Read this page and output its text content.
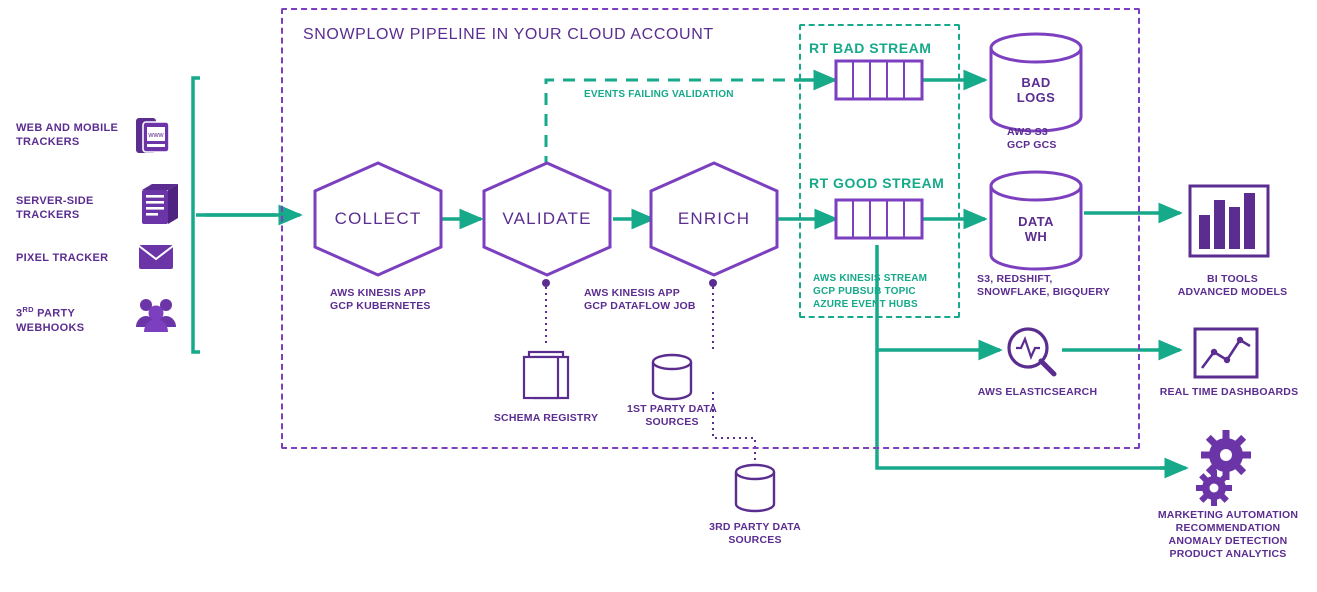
www
SNOWPLOW PIPELINE IN YOUR CLOUD ACCOUNT
WEB AND MOBILE
TRACKERS
SERVER-SIDE
TRACKERS
PIXEL TRACKER
3RD PARTY
WEBHOOKS
COLLECT	VALIDATE	ENRICH
AWS KINESIS APP
GCP KUBERNETES
AWS KINESIS APP
GCP DATAFLOW JOB
EVENTS FAILING VALIDATION
RT BAD STREAM
RT GOOD STREAM
AWS KINESIS STREAM
GCP PUBSUB TOPIC
AZURE EVENT HUBS
BAD
LOGS
AWS S3
GCP GCS
DATA
WH
S3, REDSHIFT,
SNOWFLAKE, BIGQUERY
SCHEMA REGISTRY
1ST PARTY DATA
SOURCES
3RD PARTY DATA
SOURCES
AWS ELASTICSEARCH
BI TOOLS
ADVANCED MODELS
REAL TIME DASHBOARDS
MARKETING AUTOMATION
RECOMMENDATION
ANOMALY DETECTION
PRODUCT ANALYTICS
